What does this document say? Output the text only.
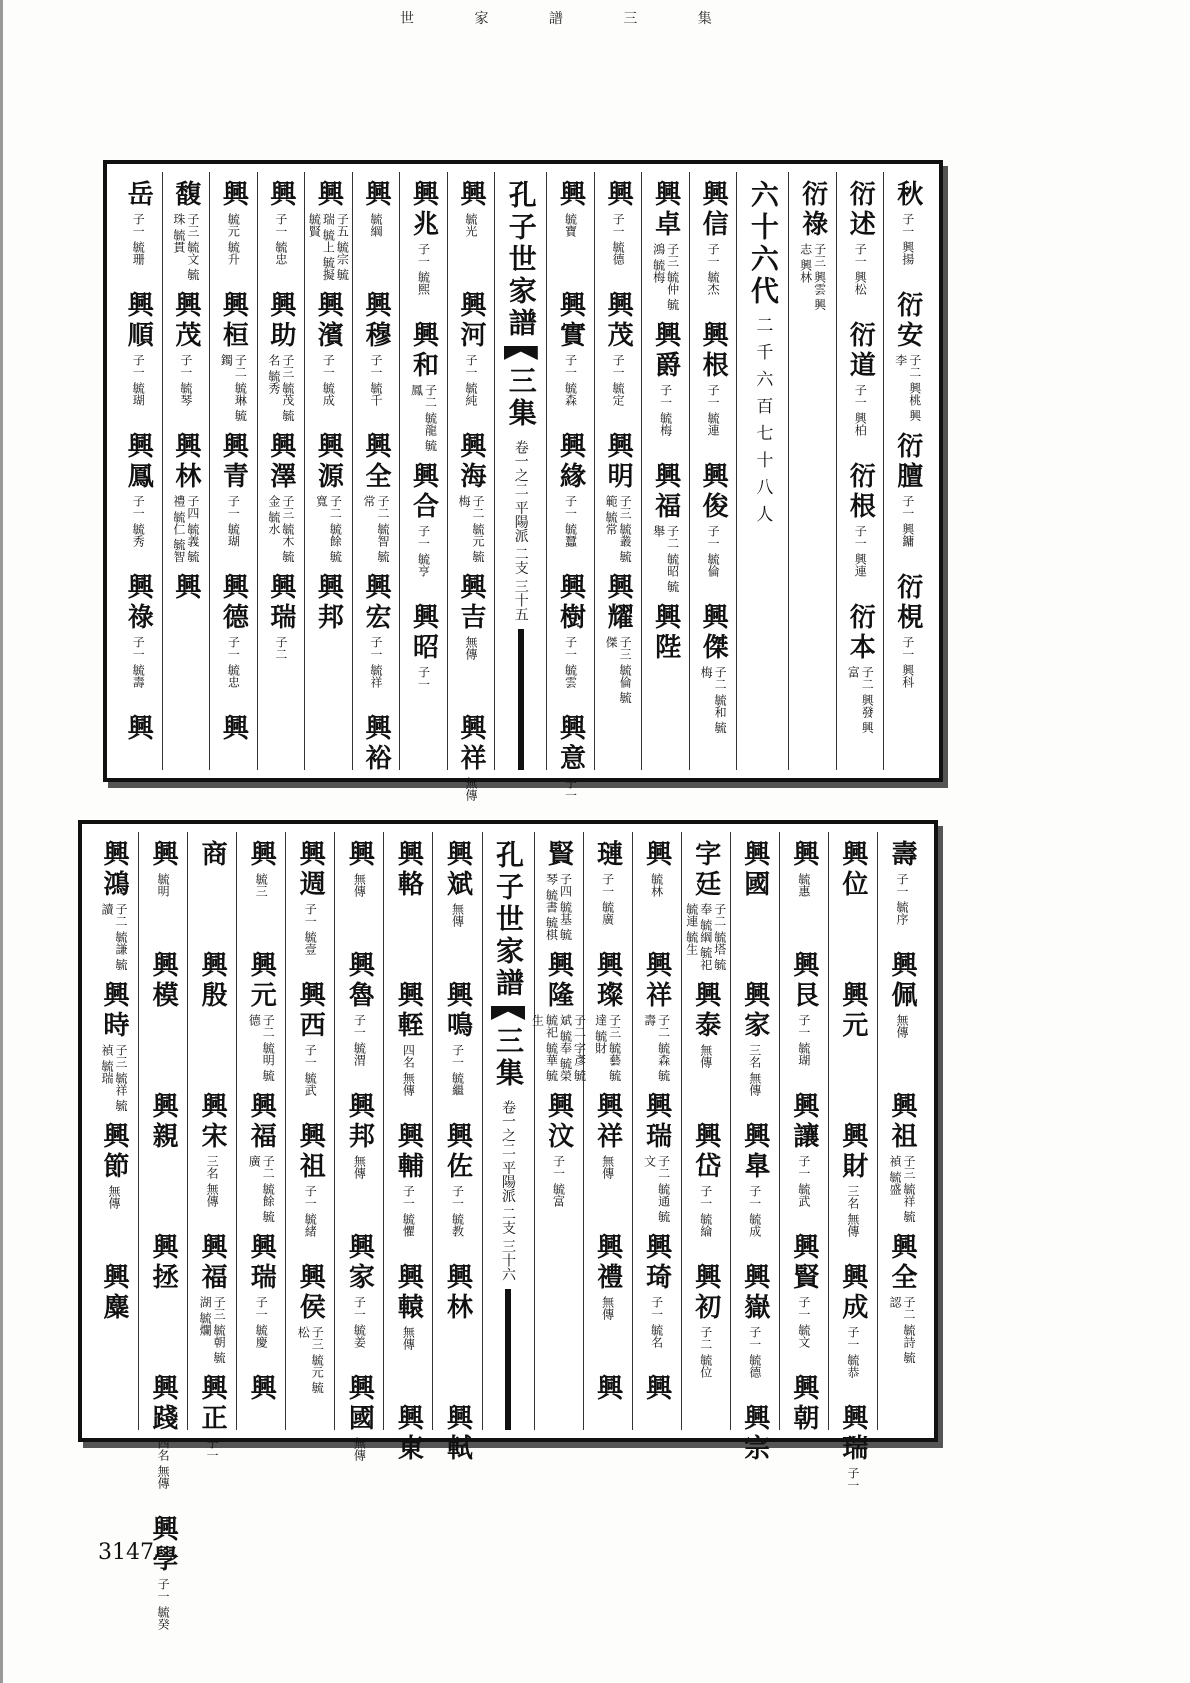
世 家 譜 三 集
秋
子一 興揚
衍安
子二 興桃 興李
衍膻
子一 興鏞
衍梘
子一 興科
衍述
子一 興松
衍道
子一 興柏
衍根
子一 興連
衍本
子二 興發 興富
衍祿
子三 興雲 興志 興林
六十六代
二千六百七十八人
興信
子一 毓杰
興根
子一 毓連
興俊
子一 毓倫
興傑
子二 毓和 毓梅
興卓
子三 毓仲 毓鴻 毓梅
興爵
子一 毓梅
興福
子二 毓昭 毓舉
興陛
興
子一 毓德
興茂
子一 毓定
興明
子三 毓叢 毓範 毓常
興耀
子三 毓倫 毓傑
興
毓寶
興實
子一 毓森
興緣
子一 毓蠶
興樹
子一 毓雲
興意
子一
孔子世家譜
三集
卷一之二 平陽派 二支 三十五
興
毓光
興河
子一 毓純
興海
子二 毓元 毓梅
興吉
無傳
興祥
無傳
興兆
子一 毓熙
興和
子二 毓龍 毓鳳
興合
子一 毓亨
興昭
子一
興
毓綱
興穆
子一 毓千
興全
子二 毓智 毓常
興宏
子一 毓祥
興裕
興
子五 毓宗 毓瑞 毓上 毓擬 毓賢
興濱
子一 毓成
興源
子二 毓餘 毓寬
興邦
興
子一 毓忠
興助
子三 毓茂 毓名 毓秀
興澤
子三 毓木 毓金 毓水
興瑞
子二
興
毓元 毓升
興桓
子二 毓琳 毓鐲
興青
子一 毓瑚
興德
子一 毓忠
興
馥
子三 毓文 毓珠 毓貫
興茂
子一 毓琴
興林
子四 毓義 毓禮 毓仁 毓智
興
岳
子一 毓珊
興順
子一 毓瑚
興鳳
子一 毓秀
興祿
子一 毓壽
興
壽
子一 毓序
興佩
無傳
興祖
子三 毓祥 毓禎 毓盛
興全
子二 毓詩 毓認
興位
興元
興財
三名 無傳
興成
子一 毓恭
興瑞
子一
興
毓惠
興艮
子一 毓瑚
興讓
子一 毓武
興賢
子一 毓文
興朝
興國
興家
三名 無傳
興臯
子一 毓成
興嶽
子一 毓德
興宗
字廷
子二 毓塔 毓奉 毓綱 毓祀 毓連 毓生
興泰
無傳
興岱
子一 毓綸
興初
子二 毓位
興
毓林
興祥
子二 毓森 毓壽
興瑞
子二 毓通 毓文
興琦
子一 毓名
興
璉
子一 毓廣
興璨
子三 毓藝 毓達 毓財
興祥
無傳
興禮
無傳
興
賢
子四 毓基 毓琴 毓書 毓棋
興隆
子二 字彥 毓斌 毓奉 毓榮 毓祀 毓華 毓生
興汶
子一 毓富
孔子世家譜
三集
卷一之二 平陽派 二支 三十六
興斌
無傳
興鳴
子一 毓繼
興佐
子一 毓教
興林
興軾
興輅
興輊
四名 無傳
興輔
子一 毓懼
興轅
無傳
興東
興
無傳
興魯
子一 毓渭
興邦
無傳
興家
子一 毓姜
興國
無傳
興週
子一 毓壹
興西
子一 毓武
興祖
子一 毓緒
興侯
子三 毓元 毓松
興
毓三
興元
子二 毓明 毓德
興福
子二 毓餘 毓廣
興瑞
子一 毓慶
興
商
興殷
興宋
三名 無傳
興福
子三 毓朝 毓湖 毓爛
興正
子一
興
毓明
興模
興親
興拯
興踐
四名 無傳
興學
子一 毓癸
興鴻
子二 毓謙 毓讀
興時
子三 毓祥 毓禎 毓瑞
興節
無傳
興麋
3147
